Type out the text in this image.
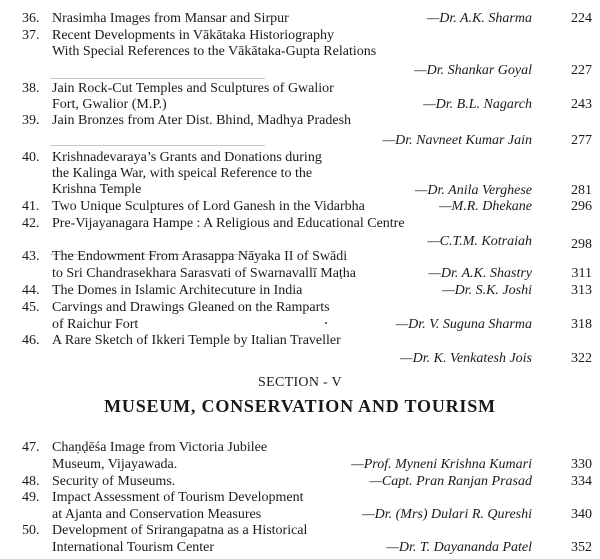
36. Nrasimha Images from Mansar and Sirpur	—Dr. A.K. Sharma	224
37. Recent Developments in Vākātaka Historiography
With Special References to the Vākātaka-Gupta Relations
—Dr. Shankar Goyal	227
38. Jain Rock-Cut Temples and Sculptures of Gwalior
Fort, Gwalior (M.P.)	—Dr. B.L. Nagarch	243
39. Jain Bronzes from Ater Dist. Bhind, Madhya Pradesh
—Dr. Navneet Kumar Jain	277
40. Krishnadevaraya’s Grants and Donations during
the Kalinga War, with speical Reference to the
Krishna Temple	—Dr. Anila Verghese	281
41. Two Unique Sculptures of Lord Ganesh in the Vidarbha	—M.R. Dhekane	296
42. Pre-Vijayanagara Hampe : A Religious and Educational Centre
—C.T.M. Kotraiah	298
43. The Endowment From Arasappa Nāyaka II of Swādi
to Sri Chandrasekhara Sarasvati of Swarnavallī Maṭha	—Dr. A.K. Shastry	311
44. The Domes in Islamic Architecuture in India	—Dr. S.K. Joshi	313
45. Carvings and Drawings Gleaned on the Ramparts
of Raichur Fort	—Dr. V. Suguna Sharma	318
46. A Rare Sketch of Ikkeri Temple by Italian Traveller
—Dr. K. Venkatesh Jois	322
SECTION - V
MUSEUM, CONSERVATION AND TOURISM
47. Chaṇḍēśa Image from Victoria Jubilee
Museum, Vijayawada.	—Prof. Myneni Krishna Kumari	330
48. Security of Museums.	—Capt. Pran Ranjan Prasad	334
49. Impact Assessment of Tourism Development
at Ajanta and Conservation Measures	—Dr. (Mrs) Dulari R. Qureshi	340
50. Development of Srirangapatna as a Historical
International Tourism Center	—Dr. T. Dayananda Patel	352
